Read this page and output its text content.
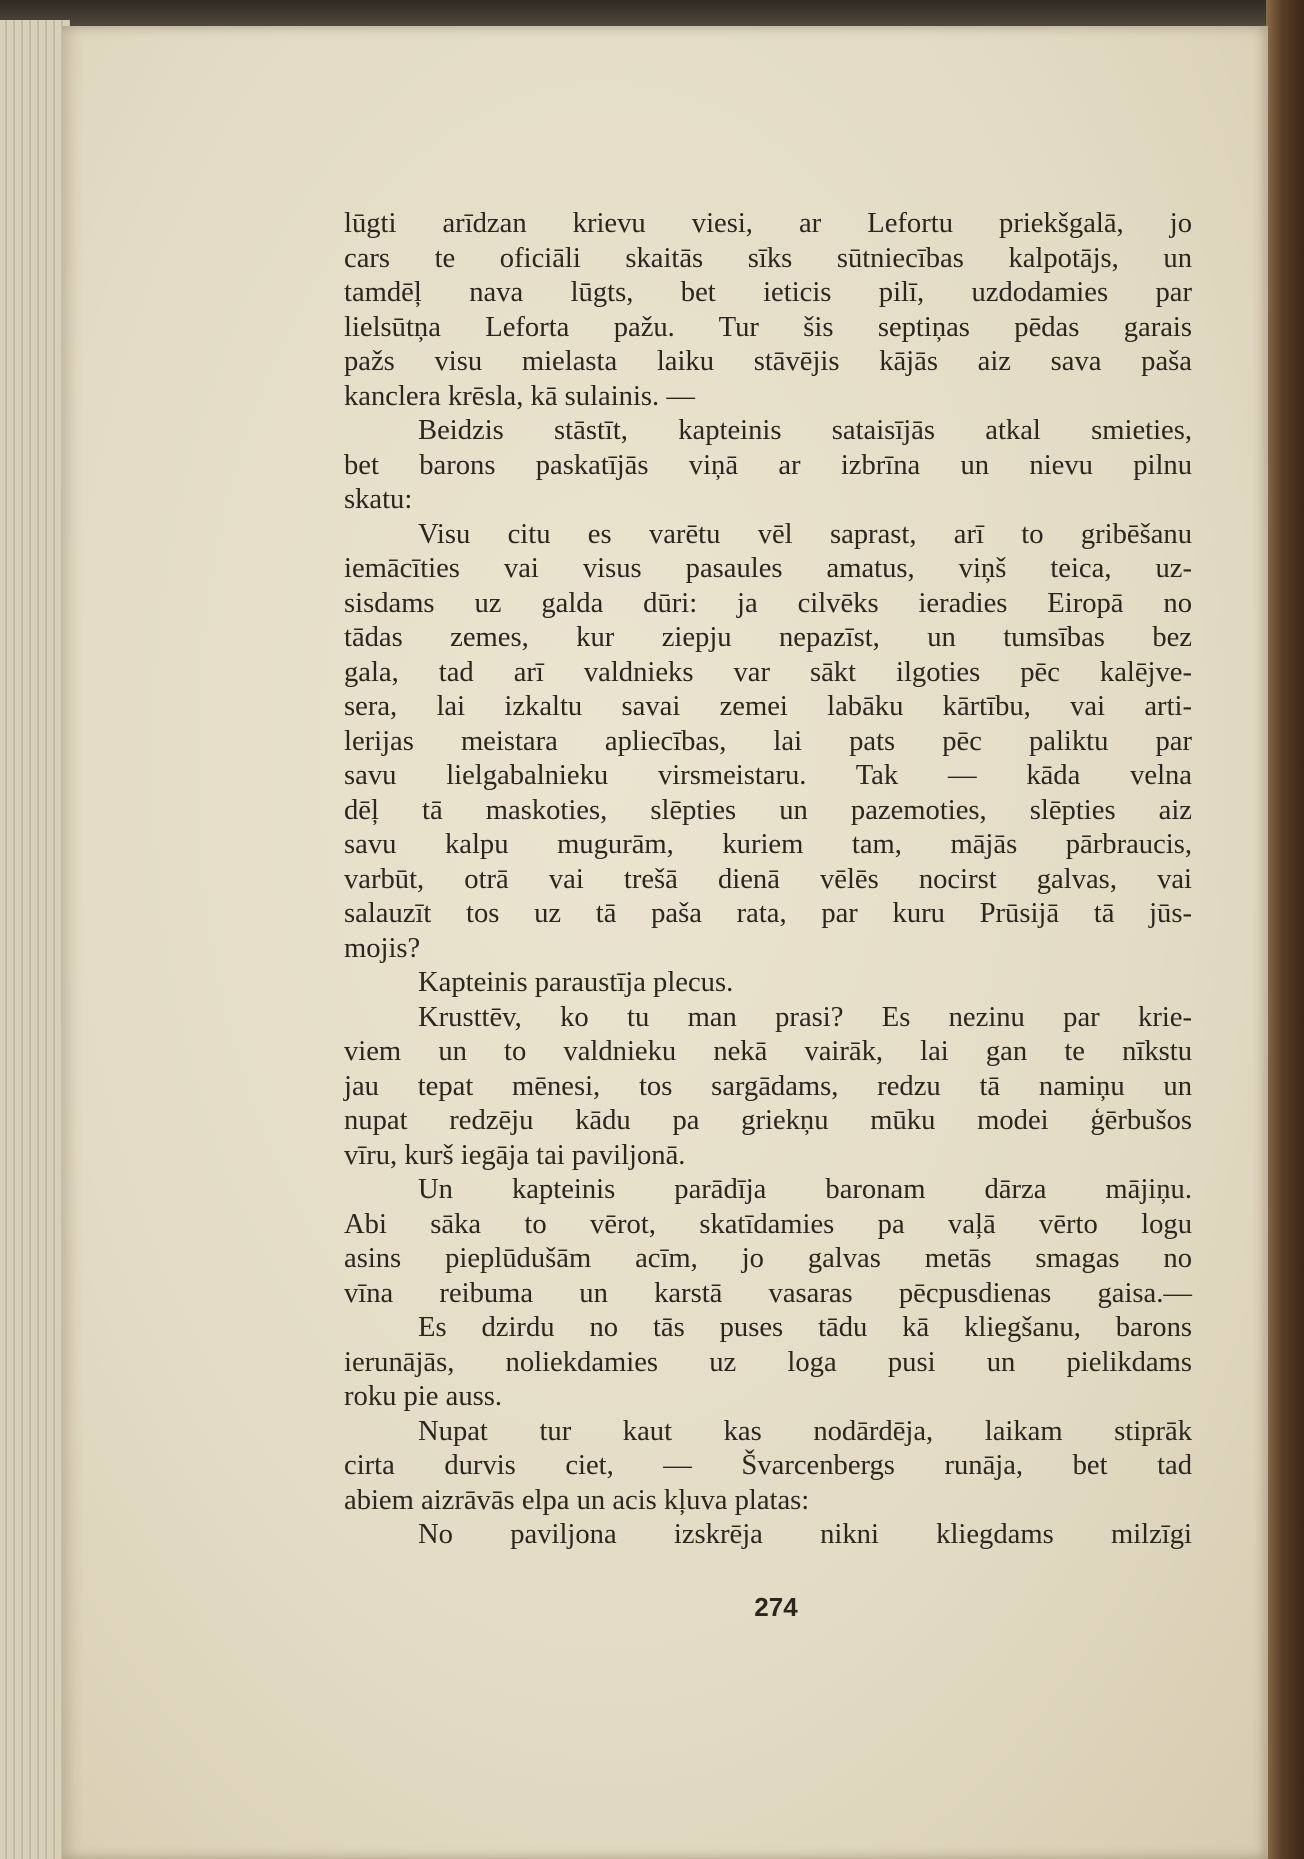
lūgti arīdzan krievu viesi, ar Lefortu priekšgalā, jo
cars te oficiāli skaitās sīks sūtniecības kalpotājs, un
tamdēļ nava lūgts, bet ieticis pilī, uzdodamies par
lielsūtņa Leforta pažu. Tur šis septiņas pēdas garais
pažs visu mielasta laiku stāvējis kājās aiz sava paša
kanclera krēsla, kā sulainis. —
Beidzis stāstīt, kapteinis sataisījās atkal smieties,
bet barons paskatījās viņā ar izbrīna un nievu pilnu
skatu:
Visu citu es varētu vēl saprast, arī to gribēšanu
iemācīties vai visus pasaules amatus, viņš teica, uz-
sisdams uz galda dūri: ja cilvēks ieradies Eiropā no
tādas zemes, kur ziepju nepazīst, un tumsības bez
gala, tad arī valdnieks var sākt ilgoties pēc kalējve-
sera, lai izkaltu savai zemei labāku kārtību, vai arti-
lerijas meistara apliecības, lai pats pēc paliktu par
savu lielgabalnieku virsmeistaru. Tak — kāda velna
dēļ tā maskoties, slēpties un pazemoties, slēpties aiz
savu kalpu mugurām, kuriem tam, mājās pārbraucis,
varbūt, otrā vai trešā dienā vēlēs nocirst galvas, vai
salauzīt tos uz tā paša rata, par kuru Prūsijā tā jūs-
mojis?
Kapteinis paraustīja plecus.
Krusttēv, ko tu man prasi? Es nezinu par krie-
viem un to valdnieku nekā vairāk, lai gan te nīkstu
jau tepat mēnesi, tos sargādams, redzu tā namiņu un
nupat redzēju kādu pa griekņu mūku modei ģērbušos
vīru, kurš iegāja tai paviljonā.
Un kapteinis parādīja baronam dārza mājiņu.
Abi sāka to vērot, skatīdamies pa vaļā vērto logu
asins pieplūdušām acīm, jo galvas metās smagas no
vīna reibuma un karstā vasaras pēcpusdienas gaisa.—
Es dzirdu no tās puses tādu kā kliegšanu, barons
ierunājās, noliekdamies uz loga pusi un pielikdams
roku pie auss.
Nupat tur kaut kas nodārdēja, laikam stiprāk
cirta durvis ciet, — Švarcenbergs runāja, bet tad
abiem aizrāvās elpa un acis kļuva platas:
No paviljona izskrēja nikni kliegdams milzīgi
274
